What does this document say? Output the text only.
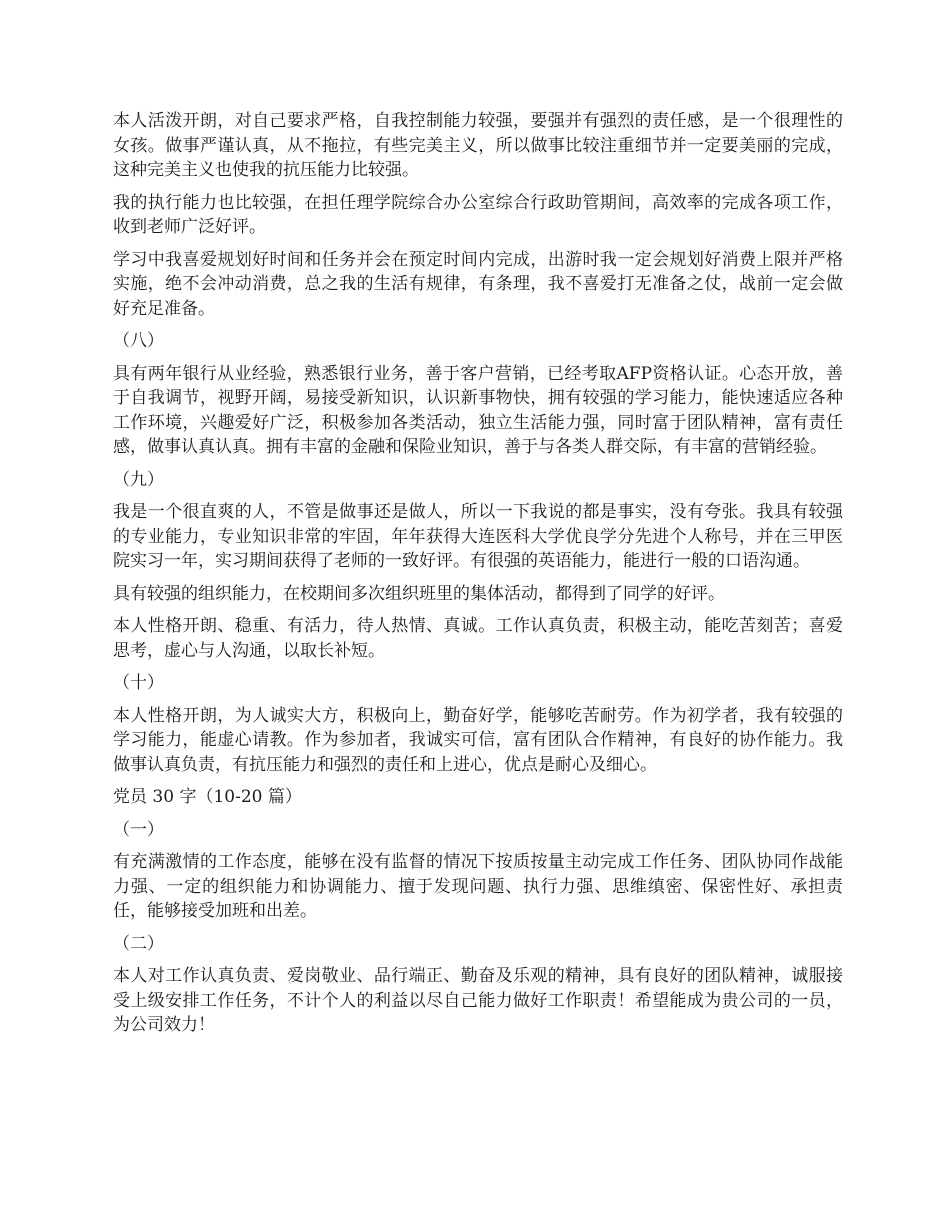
本人活泼开朗，对自己要求严格，自我控制能力较强，要强并有强烈的责任感，是一个很理性的女孩。做事严谨认真，从不拖拉，有些完美主义，所以做事比较注重细节并一定要美丽的完成，这种完美主义也使我的抗压能力比较强。

我的执行能力也比较强，在担任理学院综合办公室综合行政助管期间，高效率的完成各项工作，收到老师广泛好评。

学习中我喜爱规划好时间和任务并会在预定时间内完成，出游时我一定会规划好消费上限并严格实施，绝不会冲动消费，总之我的生活有规律，有条理，我不喜爱打无准备之仗，战前一定会做好充足准备。

（八）

具有两年银行从业经验，熟悉银行业务，善于客户营销，已经考取AFP资格认证。心态开放，善于自我调节，视野开阔，易接受新知识，认识新事物快，拥有较强的学习能力，能快速适应各种工作环境，兴趣爱好广泛，积极参加各类活动，独立生活能力强，同时富于团队精神，富有责任感，做事认真认真。拥有丰富的金融和保险业知识，善于与各类人群交际，有丰富的营销经验。

（九）

我是一个很直爽的人，不管是做事还是做人，所以一下我说的都是事实，没有夸张。我具有较强的专业能力，专业知识非常的牢固，年年获得大连医科大学优良学分先进个人称号，并在三甲医院实习一年，实习期间获得了老师的一致好评。有很强的英语能力，能进行一般的口语沟通。

具有较强的组织能力，在校期间多次组织班里的集体活动，都得到了同学的好评。

本人性格开朗、稳重、有活力，待人热情、真诚。工作认真负责，积极主动，能吃苦刻苦；喜爱思考，虚心与人沟通，以取长补短。

（十）

本人性格开朗，为人诚实大方，积极向上，勤奋好学，能够吃苦耐劳。作为初学者，我有较强的学习能力，能虚心请教。作为参加者，我诚实可信，富有团队合作精神，有良好的协作能力。我做事认真负责，有抗压能力和强烈的责任和上进心，优点是耐心及细心。

党员 30 字（10-20 篇）

（一）

有充满激情的工作态度，能够在没有监督的情况下按质按量主动完成工作任务、团队协同作战能力强、一定的组织能力和协调能力、擅于发现问题、执行力强、思维缜密、保密性好、承担责任，能够接受加班和出差。

（二）

本人对工作认真负责、爱岗敬业、品行端正、勤奋及乐观的精神，具有良好的团队精神，诚服接受上级安排工作任务，不计个人的利益以尽自己能力做好工作职责！希望能成为贵公司的一员，为公司效力！
